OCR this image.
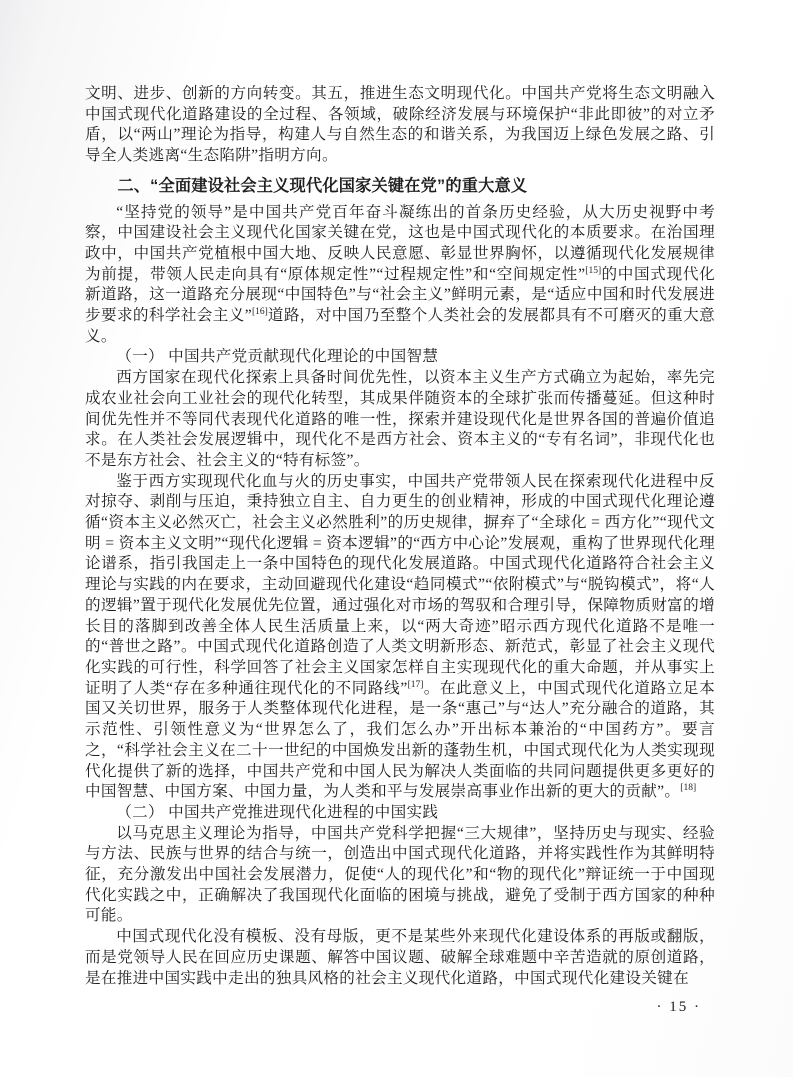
文明、进步、创新的方向转变。其五，推进生态文明现代化。中国共产党将生态文明融入中国式现代化道路建设的全过程、各领域，破除经济发展与环境保护“非此即彼”的对立矛盾，以“两山”理论为指导，构建人与自然生态的和谐关系，为我国迈上绿色发展之路、引导全人类逃离“生态陷阱”指明方向。

二、“全面建设社会主义现代化国家关键在党”的重大意义

“坚持党的领导”是中国共产党百年奋斗凝练出的首条历史经验，从大历史视野中考察，中国建设社会主义现代化国家关键在党，这也是中国式现代化的本质要求。在治国理政中，中国共产党植根中国大地、反映人民意愿、彰显世界胸怀，以遵循现代化发展规律为前提，带领人民走向具有“原体规定性”“过程规定性”和“空间规定性”[15]的中国式现代化新道路，这一道路充分展现“中国特色”与“社会主义”鲜明元素，是“适应中国和时代发展进步要求的科学社会主义”[16]道路，对中国乃至整个人类社会的发展都具有不可磨灭的重大意义。

（一） 中国共产党贡献现代化理论的中国智慧

西方国家在现代化探索上具备时间优先性，以资本主义生产方式确立为起始，率先完成农业社会向工业社会的现代化转型，其成果伴随资本的全球扩张而传播蔓延。但这种时间优先性并不等同代表现代化道路的唯一性，探索并建设现代化是世界各国的普遍价值追求。在人类社会发展逻辑中，现代化不是西方社会、资本主义的“专有名词”，非现代化也不是东方社会、社会主义的“特有标签”。

鉴于西方实现现代化血与火的历史事实，中国共产党带领人民在探索现代化进程中反对掠夺、剥削与压迫，秉持独立自主、自力更生的创业精神，形成的中国式现代化理论遵循“资本主义必然灭亡，社会主义必然胜利”的历史规律，摒弃了“全球化 = 西方化”“现代文明 = 资本主义文明”“现代化逻辑 = 资本逻辑”的“西方中心论”发展观，重构了世界现代化理论谱系，指引我国走上一条中国特色的现代化发展道路。中国式现代化道路符合社会主义理论与实践的内在要求，主动回避现代化建设“趋同模式”“依附模式”与“脱钩模式”，将“人的逻辑”置于现代化发展优先位置，通过强化对市场的驾驭和合理引导，保障物质财富的增长目的落脚到改善全体人民生活质量上来，以“两大奇迹”昭示西方现代化道路不是唯一的“普世之路”。中国式现代化道路创造了人类文明新形态、新范式，彰显了社会主义现代化实践的可行性，科学回答了社会主义国家怎样自主实现现代化的重大命题，并从事实上证明了人类“存在多种通往现代化的不同路线”[17]。在此意义上，中国式现代化道路立足本国又关切世界，服务于人类整体现代化进程，是一条“惠己”与“达人”充分融合的道路，其示范性、引领性意义为“世界怎么了，我们怎么办”开出标本兼治的“中国药方”。要言之，“科学社会主义在二十一世纪的中国焕发出新的蓬勃生机，中国式现代化为人类实现现代化提供了新的选择，中国共产党和中国人民为解决人类面临的共同问题提供更多更好的中国智慧、中国方案、中国力量，为人类和平与发展崇高事业作出新的更大的贡献”。[18]

（二） 中国共产党推进现代化进程的中国实践

以马克思主义理论为指导，中国共产党科学把握“三大规律”，坚持历史与现实、经验与方法、民族与世界的结合与统一，创造出中国式现代化道路，并将实践性作为其鲜明特征，充分激发出中国社会发展潜力，促使“人的现代化”和“物的现代化”辩证统一于中国现代化实践之中，正确解决了我国现代化面临的困境与挑战，避免了受制于西方国家的种种可能。

中国式现代化没有模板、没有母版，更不是某些外来现代化建设体系的再版或翻版，而是党领导人民在回应历史课题、解答中国议题、破解全球难题中辛苦造就的原创道路，是在推进中国实践中走出的独具风格的社会主义现代化道路，中国式现代化建设关键在

· 15 ·
